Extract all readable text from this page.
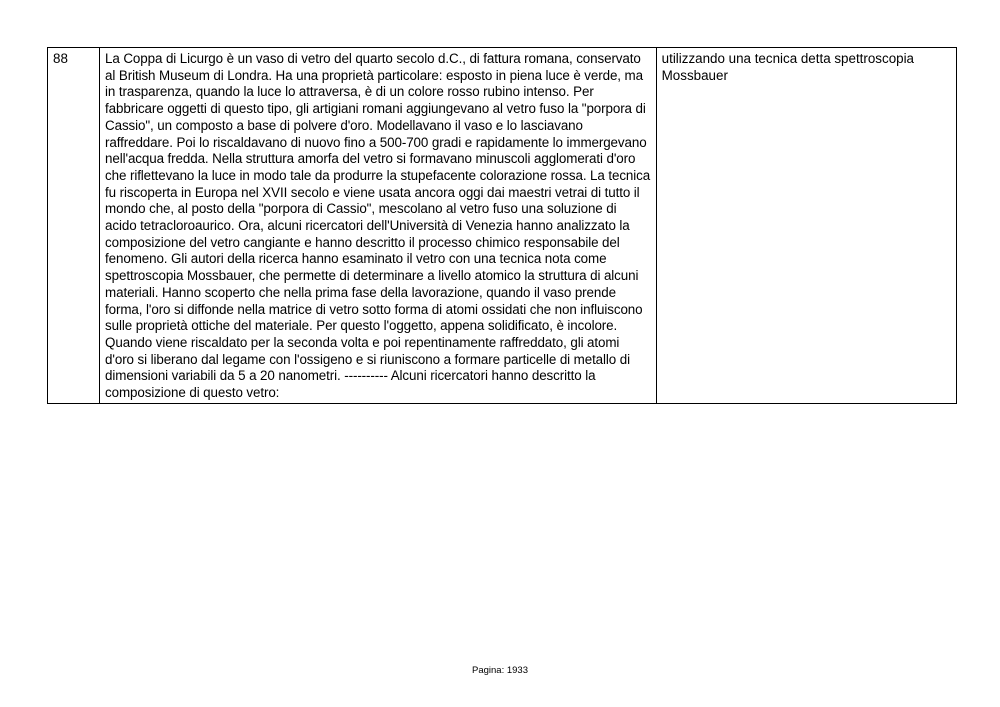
88	La Coppa di Licurgo è un vaso di vetro del quarto secolo d.C., di fattura romana, conservato al British Museum di Londra. Ha una proprietà particolare: esposto in piena luce è verde, ma in trasparenza, quando la luce lo attraversa, è di un colore rosso rubino intenso. Per fabbricare oggetti di questo tipo, gli artigiani romani aggiungevano al vetro fuso la "porpora di Cassio", un composto a base di polvere d'oro. Modellavano il vaso e lo lasciavano raffreddare. Poi lo riscaldavano di nuovo fino a 500-700 gradi e rapidamente lo immergevano nell'acqua fredda. Nella struttura amorfa del vetro si formavano minuscoli agglomerati d'oro che riflettevano la luce in modo tale da produrre la stupefacente colorazione rossa. La tecnica fu riscoperta in Europa nel XVII secolo e viene usata ancora oggi dai maestri vetrai di tutto il mondo che, al posto della "porpora di Cassio", mescolano al vetro fuso una soluzione di acido tetracloroaurico. Ora, alcuni ricercatori dell'Università di Venezia hanno analizzato la composizione del vetro cangiante e hanno descritto il processo chimico responsabile del fenomeno. Gli autori della ricerca hanno esaminato il vetro con una tecnica nota come spettroscopia Mossbauer, che permette di determinare a livello atomico la struttura di alcuni materiali. Hanno scoperto che nella prima fase della lavorazione, quando il vaso prende forma, l'oro si diffonde nella matrice di vetro sotto forma di atomi ossidati che non influiscono sulle proprietà ottiche del materiale. Per questo l'oggetto, appena solidificato, è incolore. Quando viene riscaldato per la seconda volta e poi repentinamente raffreddato, gli atomi d'oro si liberano dal legame con l'ossigeno e si riuniscono a formare particelle di metallo di dimensioni variabili da 5 a 20 nanometri. ---------- Alcuni ricercatori hanno descritto la composizione di questo vetro:	utilizzando una tecnica detta spettroscopia Mossbauer
Pagina: 1933
